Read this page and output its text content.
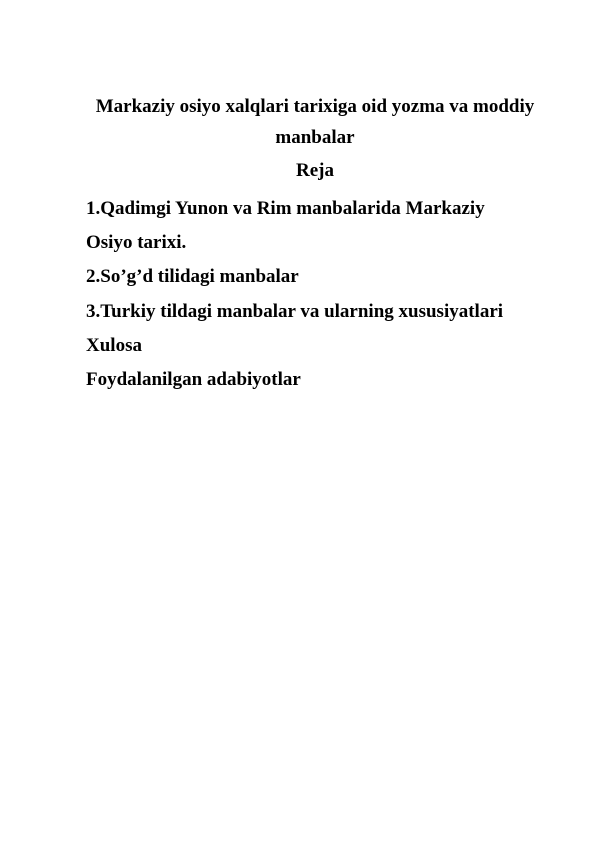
Markaziy osiyo xalqlari tarixiga oid yozma va moddiy
manbalar
Reja
1.Qadimgi Yunon va Rim manbalarida Markaziy
Osiyo tarixi.
2.So’g’d tilidagi manbalar
3.Turkiy tildagi manbalar va ularning xususiyatlari
Xulosa
Foydalanilgan adabiyotlar
